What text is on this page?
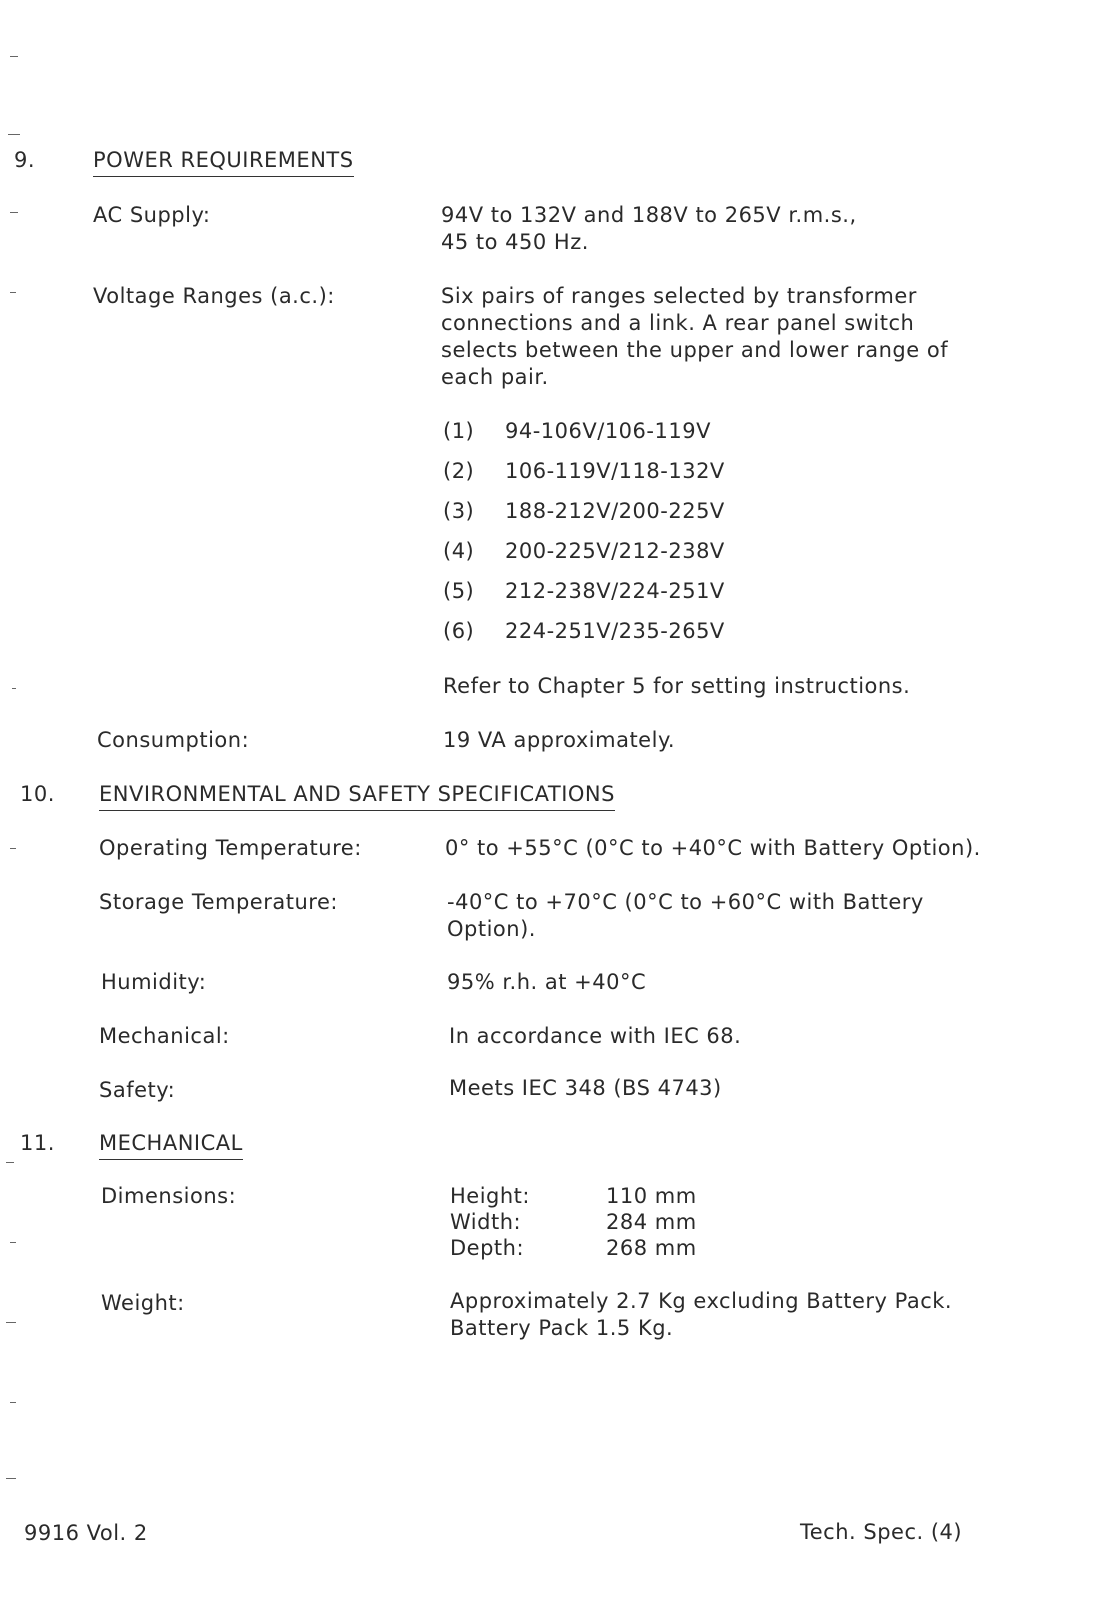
9.	POWER REQUIREMENTS
AC Supply:	94V to 132V and 188V to 265V r.m.s.,
45 to 450 Hz.
Voltage Ranges (a.c.):	Six pairs of ranges selected by transformer
connections and a link. A rear panel switch
selects between the upper and lower range of
each pair.
(1) 94-106V/106-119V
(2) 106-119V/118-132V
(3) 188-212V/200-225V
(4) 200-225V/212-238V
(5) 212-238V/224-251V
(6) 224-251V/235-265V
Refer to Chapter 5 for setting instructions.
Consumption:	19 VA approximately.
10. ENVIRONMENTAL AND SAFETY SPECIFICATIONS
Operating Temperature:	0° to +55°C (0°C to +40°C with Battery Option).
Storage Temperature:	-40°C to +70°C (0°C to +60°C with Battery
Option).
Humidity:	95% r.h. at +40°C
Mechanical:	In accordance with IEC 68.
Safety:	Meets IEC 348 (BS 4743)
11. MECHANICAL
Dimensions:	Height:	110 mm
Width:	284 mm
Depth:	268 mm
Weight:	Approximately 2.7 Kg excluding Battery Pack.
Battery Pack 1.5 Kg.
9916 Vol. 2	Tech. Spec. (4)
